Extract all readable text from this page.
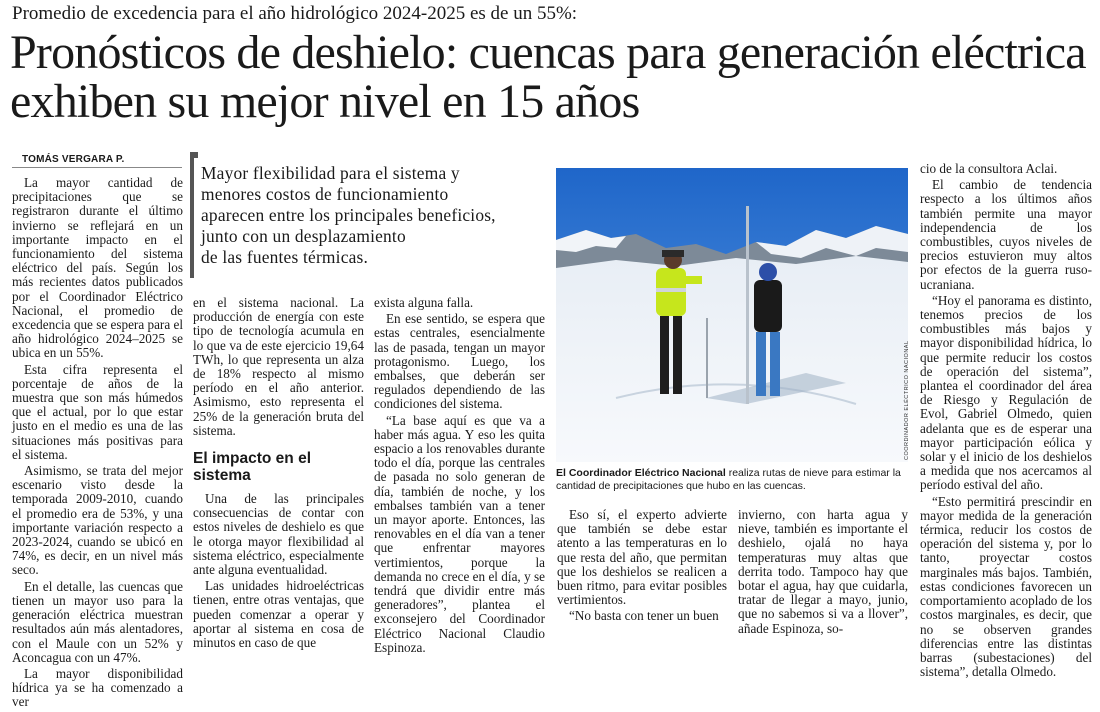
Promedio de excedencia para el año hidrológico 2024-2025 es de un 55%:
Pronósticos de deshielo: cuencas para generación eléctrica exhiben su mejor nivel en 15 años
TOMÁS VERGARA P.

La mayor cantidad de precipitaciones que se registraron durante el último invierno se reflejará en un importante impacto en el funcionamiento del sistema eléctrico del país. Según los más recientes datos publicados por el Coordinador Eléctrico Nacional, el promedio de excedencia que se espera para el año hidrológico 2024–2025 se ubica en un 55%.

Esta cifra representa el porcentaje de años de la muestra que son más húmedos que el actual, por lo que estar justo en el medio es una de las situaciones más positivas para el sistema.

Asimismo, se trata del mejor escenario visto desde la temporada 2009-2010, cuando el promedio era de 53%, y una importante variación respecto a 2023-2024, cuando se ubicó en 74%, es decir, en un nivel más seco.

En el detalle, las cuencas que tienen un mayor uso para la generación eléctrica muestran resultados aún más alentadores, con el Maule con un 52% y Aconcagua con un 47%.

La mayor disponibilidad hídrica ya se ha comenzado a ver

Mayor flexibilidad para el sistema y
menores costos de funcionamiento
aparecen entre los principales beneficios,
junto con un desplazamiento
de las fuentes térmicas.

en el sistema nacional. La producción de energía con este tipo de tecnología acumula en lo que va de este ejercicio 19,64 TWh, lo que representa un alza de 18% respecto al mismo período en el año anterior. Asimismo, esto representa el 25% de la generación bruta del sistema.

El impacto en el sistema

Una de las principales consecuencias de contar con estos niveles de deshielo es que le otorga mayor flexibilidad al sistema eléctrico, especialmente ante alguna eventualidad.

Las unidades hidroeléctricas tienen, entre otras ventajas, que pueden comenzar a operar y aportar al sistema en cosa de minutos en caso de que

exista alguna falla.

En ese sentido, se espera que estas centrales, esencialmente las de pasada, tengan un mayor protagonismo. Luego, los embalses, que deberán ser regulados dependiendo de las condiciones del sistema.

“La base aquí es que va a haber más agua. Y eso les quita espacio a los renovables durante todo el día, porque las centrales de pasada no solo generan de día, también de noche, y los embalses también van a tener un mayor aporte. Entonces, las renovables en el día van a tener que enfrentar mayores vertimientos, porque la demanda no crece en el día, y se tendrá que dividir entre más generadores”, plantea el exconsejero del Coordinador Eléctrico Nacional Claudio Espinoza.

COORDINADOR ELÉCTRICO NACIONAL
El Coordinador Eléctrico Nacional realiza rutas de nieve para estimar la cantidad de precipitaciones que hubo en las cuencas.

Eso sí, el experto advierte que también se debe estar atento a las temperaturas en lo que resta del año, que permitan que los deshielos se realicen a buen ritmo, para evitar posibles vertimientos.

“No basta con tener un buen

invierno, con harta agua y nieve, también es importante el deshielo, ojalá no haya temperaturas muy altas que derrita todo. Tampoco hay que botar el agua, hay que cuidarla, tratar de llegar a mayo, junio, que no sabemos si va a llover”, añade Espinoza, so-

cio de la consultora Aclai.

El cambio de tendencia respecto a los últimos años también permite una mayor independencia de los combustibles, cuyos niveles de precios estuvieron muy altos por efectos de la guerra ruso-ucraniana.

“Hoy el panorama es distinto, tenemos precios de los combustibles más bajos y mayor disponibilidad hídrica, lo que permite reducir los costos de operación del sistema”, plantea el coordinador del área de Riesgo y Regulación de Evol, Gabriel Olmedo, quien adelanta que es de esperar una mayor participación eólica y solar y el inicio de los deshielos a medida que nos acercamos al período estival del año.

“Esto permitirá prescindir en mayor medida de la generación térmica, reducir los costos de operación del sistema y, por lo tanto, proyectar costos marginales más bajos. También, estas condiciones favorecen un comportamiento acoplado de los costos marginales, es decir, que no se observen grandes diferencias entre las distintas barras (subestaciones) del sistema”, detalla Olmedo.
